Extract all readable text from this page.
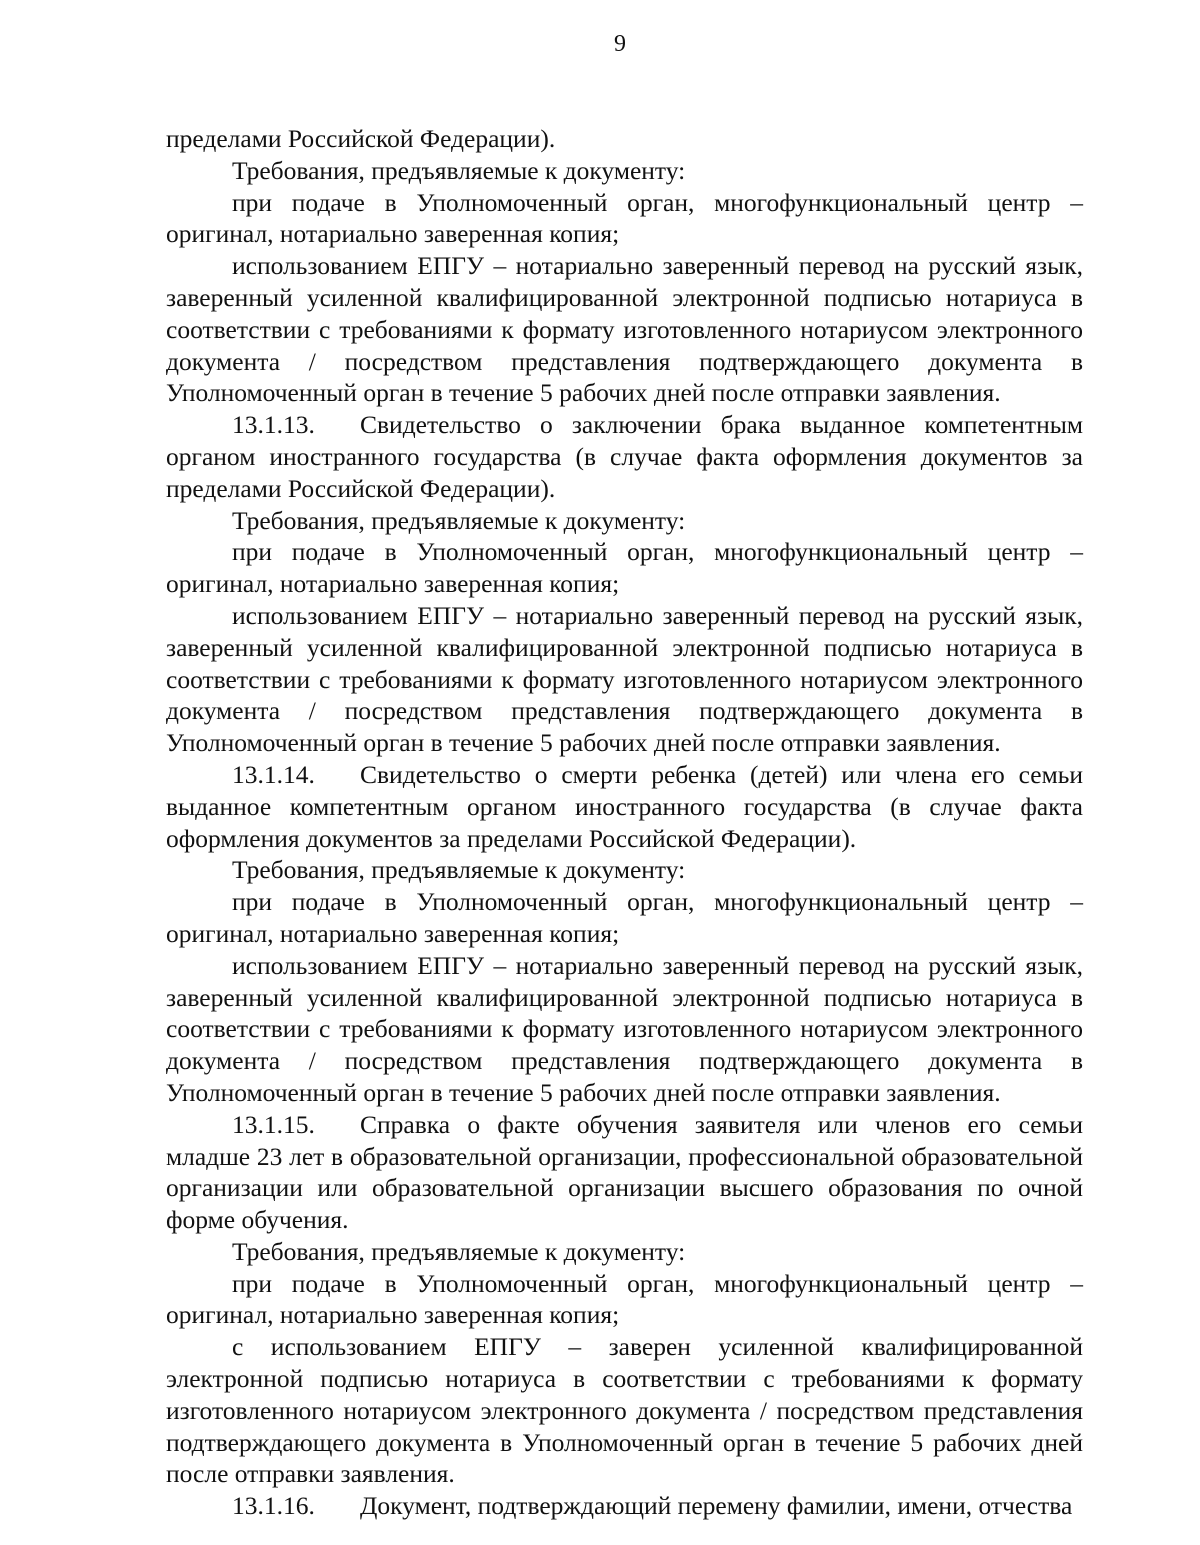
9

пределами Российской Федерации).

Требования, предъявляемые к документу:

при подаче в Уполномоченный орган, многофункциональный центр – оригинал, нотариально заверенная копия;

использованием ЕПГУ – нотариально заверенный перевод на русский язык, заверенный усиленной квалифицированной электронной подписью нотариуса в соответствии с требованиями к формату изготовленного нотариусом электронного документа / посредством представления подтверждающего документа в Уполномоченный орган в течение 5 рабочих дней после отправки заявления.

13.1.13. Свидетельство о заключении брака выданное компетентным органом иностранного государства (в случае факта оформления документов за пределами Российской Федерации).

Требования, предъявляемые к документу:

при подаче в Уполномоченный орган, многофункциональный центр – оригинал, нотариально заверенная копия;

использованием ЕПГУ – нотариально заверенный перевод на русский язык, заверенный усиленной квалифицированной электронной подписью нотариуса в соответствии с требованиями к формату изготовленного нотариусом электронного документа / посредством представления подтверждающего документа в Уполномоченный орган в течение 5 рабочих дней после отправки заявления.

13.1.14. Свидетельство о смерти ребенка (детей) или члена его семьи выданное компетентным органом иностранного государства (в случае факта оформления документов за пределами Российской Федерации).

Требования, предъявляемые к документу:

при подаче в Уполномоченный орган, многофункциональный центр – оригинал, нотариально заверенная копия;

использованием ЕПГУ – нотариально заверенный перевод на русский язык, заверенный усиленной квалифицированной электронной подписью нотариуса в соответствии с требованиями к формату изготовленного нотариусом электронного документа / посредством представления подтверждающего документа в Уполномоченный орган в течение 5 рабочих дней после отправки заявления.

13.1.15. Справка о факте обучения заявителя или членов его семьи младше 23 лет в образовательной организации, профессиональной образовательной организации или образовательной организации высшего образования по очной форме обучения.

Требования, предъявляемые к документу:

при подаче в Уполномоченный орган, многофункциональный центр – оригинал, нотариально заверенная копия;

с использованием ЕПГУ – заверен усиленной квалифицированной электронной подписью нотариуса в соответствии с требованиями к формату изготовленного нотариусом электронного документа / посредством представления подтверждающего документа в Уполномоченный орган в течение 5 рабочих дней после отправки заявления.

13.1.16. Документ, подтверждающий перемену фамилии, имени, отчества
